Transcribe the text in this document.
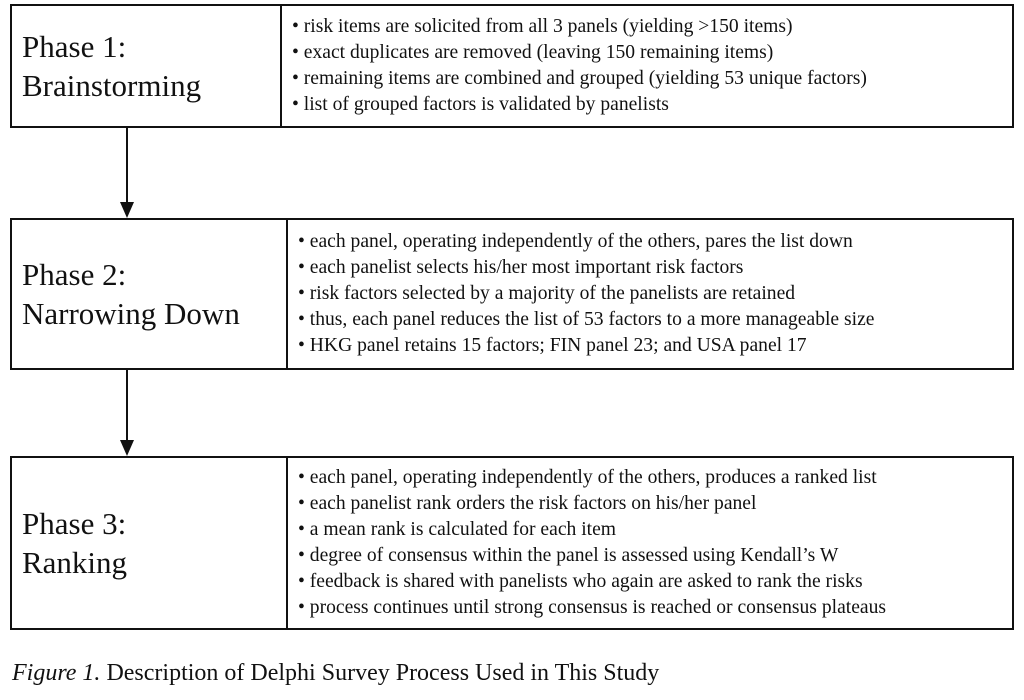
Phase 1:
Brainstorming
• risk items are solicited from all 3 panels (yielding >150 items)
• exact duplicates are removed (leaving 150 remaining items)
• remaining items are combined and grouped (yielding 53 unique factors)
• list of grouped factors is validated by panelists
Phase 2:
Narrowing Down
• each panel, operating independently of the others, pares the list down
• each panelist selects his/her most important risk factors
• risk factors selected by a majority of the panelists are retained
• thus, each panel reduces the list of 53 factors to a more manageable size
• HKG panel retains 15 factors; FIN panel 23; and USA panel 17
Phase 3:
Ranking
• each panel, operating independently of the others, produces a ranked list
• each panelist rank orders the risk factors on his/her panel
• a mean rank is calculated for each item
• degree of consensus within the panel is assessed using Kendall’s W
• feedback is shared with panelists who again are asked to rank the risks
• process continues until strong consensus is reached or consensus plateaus
Figure 1. Description of Delphi Survey Process Used in This Study
